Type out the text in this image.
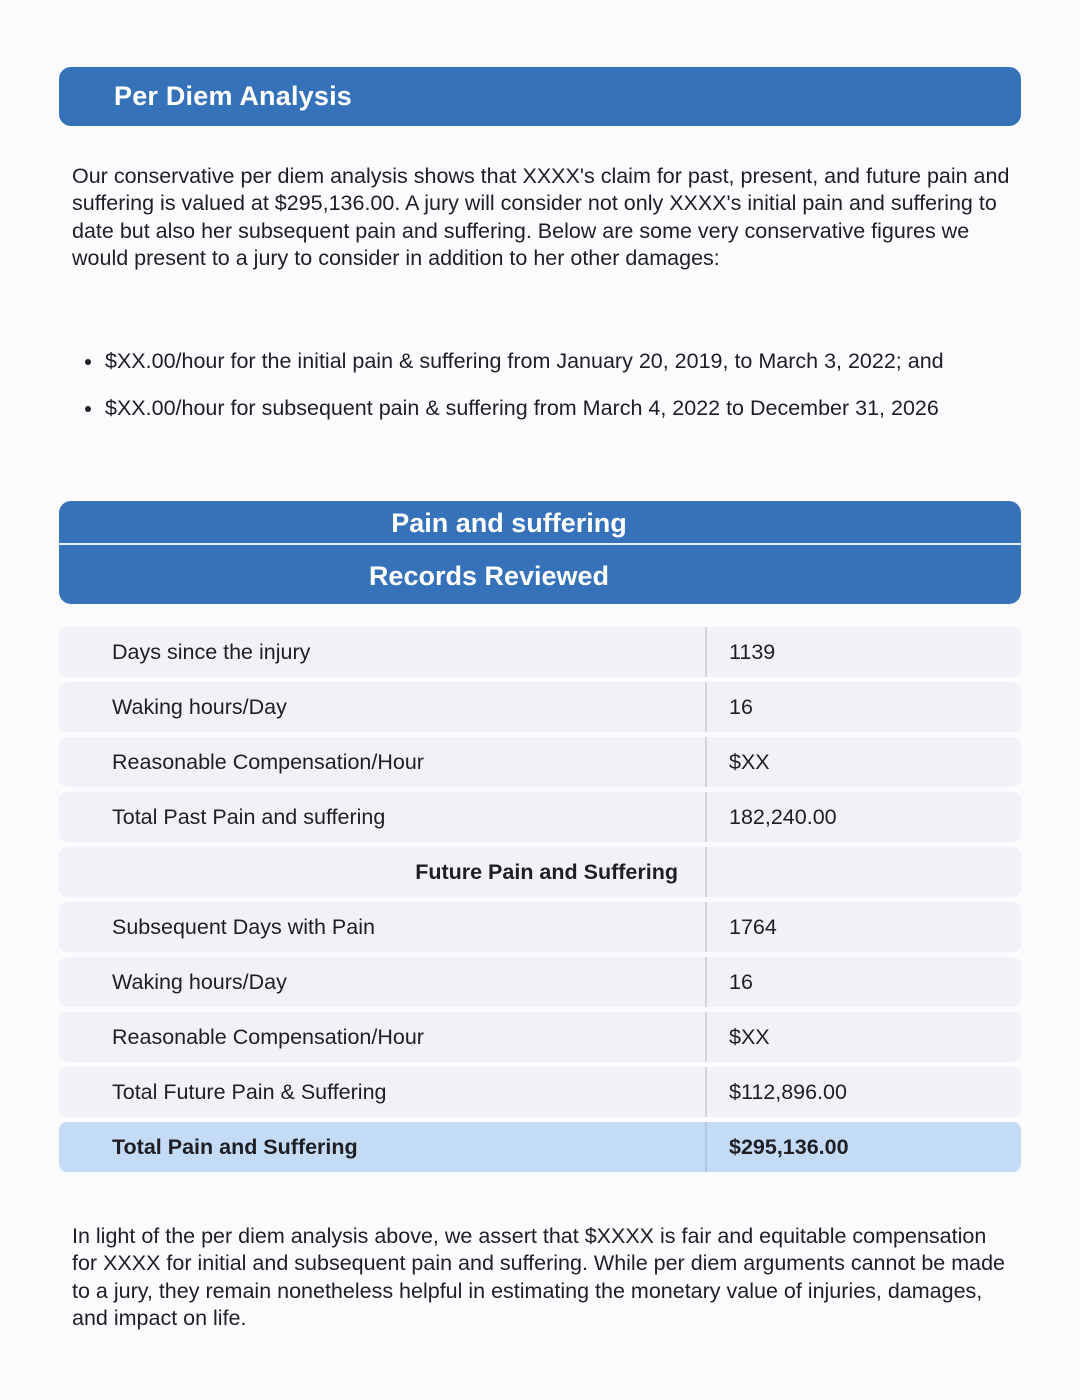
Per Diem Analysis

Our conservative per diem analysis shows that XXXX's claim for past, present, and future pain and suffering is valued at $295,136.00. A jury will consider not only XXXX's initial pain and suffering to date but also her subsequent pain and suffering. Below are some very conservative figures we would present to a jury to consider in addition to her other damages:

$XX.00/hour for the initial pain & suffering from January 20, 2019, to March 3, 2022; and
$XX.00/hour for subsequent pain & suffering from March 4, 2022 to December 31, 2026
Pain and suffering
Records Reviewed
Days since the injury	1139
Waking hours/Day	16
Reasonable Compensation/Hour	$XX
Total Past Pain and suffering	182,240.00
Future Pain and Suffering
Subsequent Days with Pain	1764
Waking hours/Day	16
Reasonable Compensation/Hour	$XX
Total Future Pain & Suffering	$112,896.00
Total Pain and Suffering	$295,136.00

In light of the per diem analysis above, we assert that $XXXX is fair and equitable compensation for XXXX for initial and subsequent pain and suffering. While per diem arguments cannot be made to a jury, they remain nonetheless helpful in estimating the monetary value of injuries, damages, and impact on life.
